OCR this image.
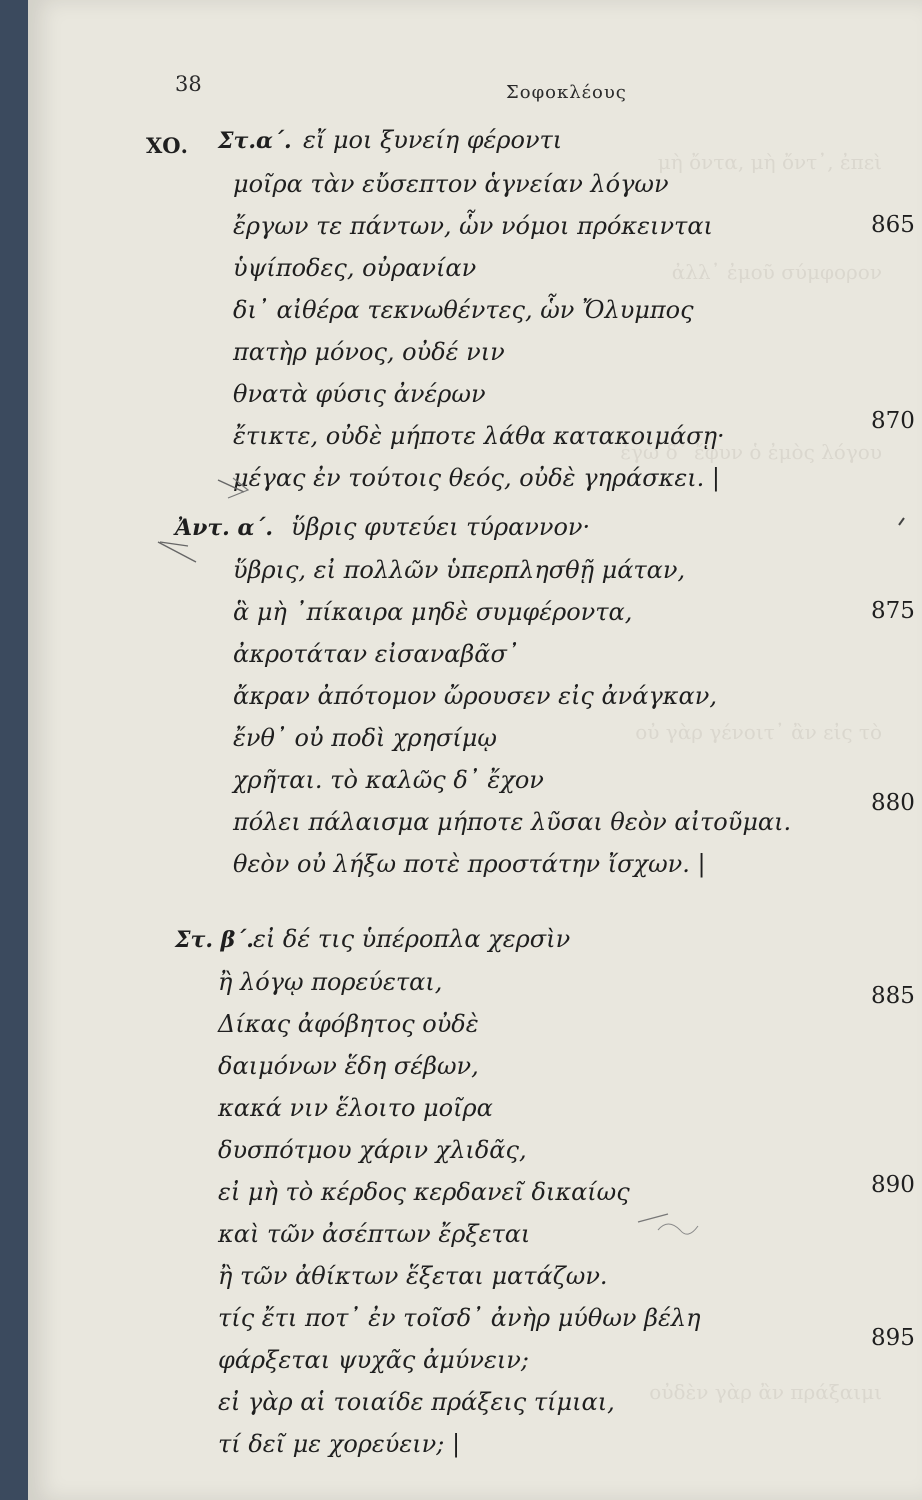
μὴ ὄντα, μὴ ὄντ᾽, ἐπεὶ
ἀλλ᾽ ἐμοῦ σύμφορον
ἐγὼ δ᾽ ἔφυν ὁ ἐμὸς λόγου
οὐ γὰρ γένοιτ᾽ ἂν εἰς τὸ
οὐδὲν γὰρ ἂν πράξαιμι
38	Σοφοκλέους
ΧΟ. Στ.α΄. εἴ μοι ξυνείη φέροντι
μοῖρα τὰν εὔσεπτον ἁγνείαν λόγων
ἔργων τε πάντων, ὧν νόμοι πρόκεινται
ὑψίποδες, οὐρανίαν
δι᾽ αἰθέρα τεκνωθέντες, ὧν Ὄλυμπος
πατὴρ μόνος, οὐδέ νιν
θνατὰ φύσις ἀνέρων
ἔτικτε, οὐδὲ μήποτε λάθα κατακοιμάσῃ·
μέγας ἐν τούτοις θεός, οὐδὲ γηράσκει. |
Ἀντ. α΄. ὕβρις φυτεύει τύραννον·
ὕβρις, εἰ πολλῶν ὑπερπλησθῇ μάταν,
ἃ μὴ ᾿πίκαιρα μηδὲ συμφέροντα,
ἀκροτάταν εἰσαναβᾶσ᾽
ἄκραν ἀπότομον ὤρουσεν εἰς ἀνάγκαν,
ἔνθ᾽ οὐ ποδὶ χρησίμῳ
χρῆται. τὸ καλῶς δ᾽ ἔχον
πόλει πάλαισμα μήποτε λῦσαι θεὸν αἰτοῦμαι.
θεὸν οὐ λήξω ποτὲ προστάτην ἴσχων. |
Στ. β΄. εἰ δέ τις ὑπέροπλα χερσὶν
ἢ λόγῳ πορεύεται,
Δίκας ἀφόβητος οὐδὲ
δαιμόνων ἕδη σέβων,
κακά νιν ἕλοιτο μοῖρα
δυσπότμου χάριν χλιδᾶς,
εἰ μὴ τὸ κέρδος κερδανεῖ δικαίως
καὶ τῶν ἀσέπτων ἔρξεται
ἢ τῶν ἀθίκτων ἕξεται ματάζων.
τίς ἔτι ποτ᾽ ἐν τοῖσδ᾽ ἀνὴρ μύθων βέλη
φάρξεται ψυχᾶς ἀμύνειν;
εἰ γὰρ αἱ τοιαίδε πράξεις τίμιαι,
τί δεῖ με χορεύειν; |
865
870
875
880
885
890
895
